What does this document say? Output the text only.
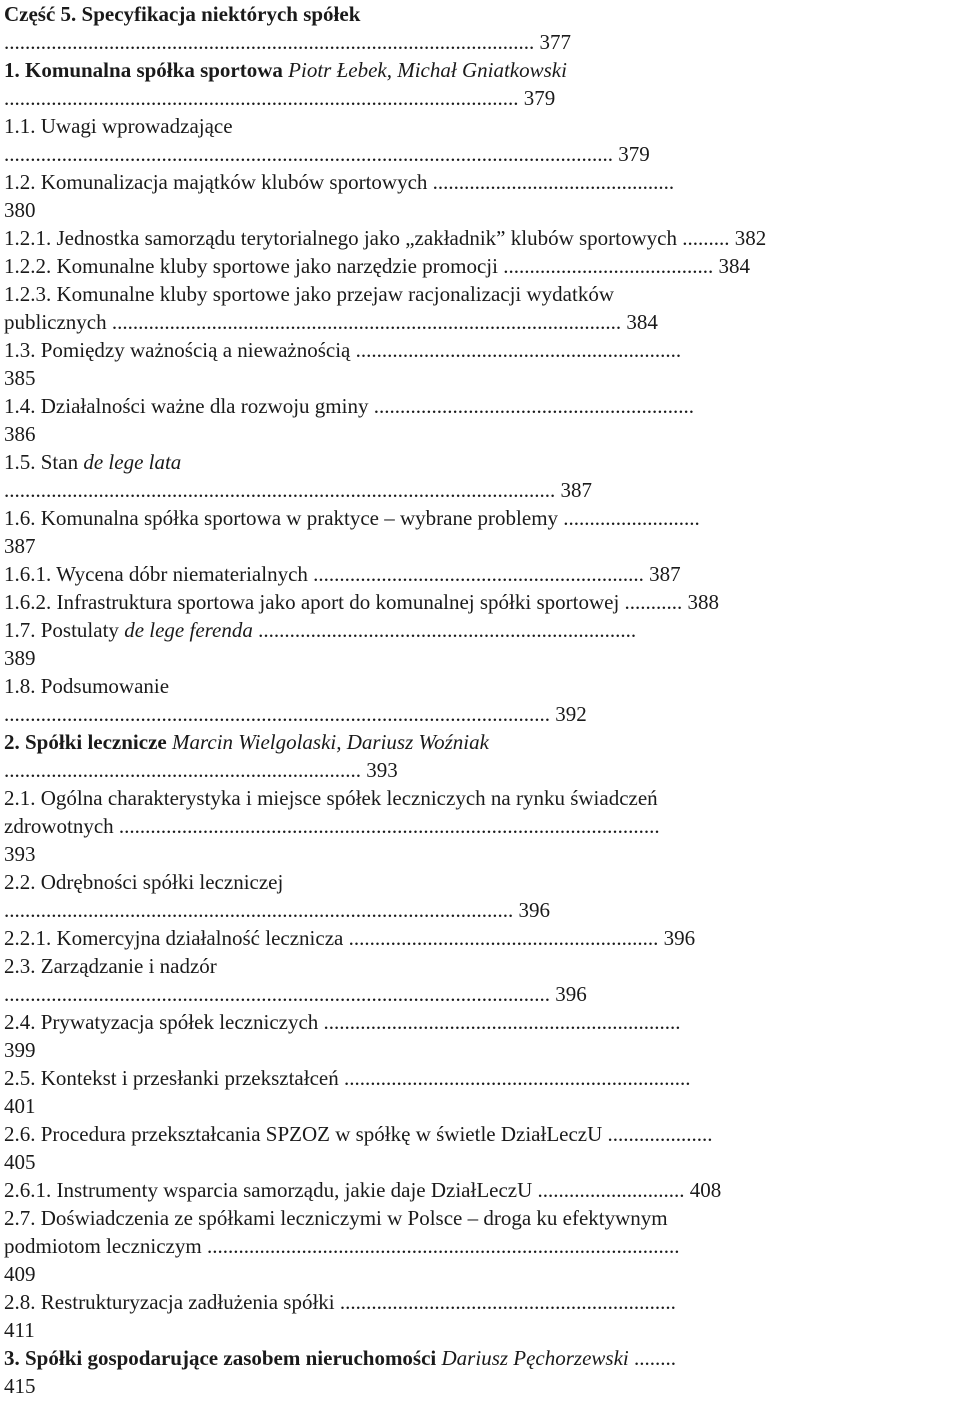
Część 5. Specyfikacja niektórych spółek
..................................................................................................... 377
1. Komunalna spółka sportowa Piotr Łebek, Michał Gniatkowski
.................................................................................................. 379
1.1. Uwagi wprowadzające
.................................................................................................................... 379
1.2. Komunalizacja majątków klubów sportowych ..............................................
380
1.2.1. Jednostka samorządu terytorialnego jako „zakładnik” klubów sportowych ......... 382
1.2.2. Komunalne kluby sportowe jako narzędzie promocji ........................................ 384
1.2.3. Komunalne kluby sportowe jako przejaw racjonalizacji wydatków
publicznych ................................................................................................. 384
1.3. Pomiędzy ważnością a nieważnością ..............................................................
385
1.4. Działalności ważne dla rozwoju gminy .............................................................
386
1.5. Stan de lege lata
......................................................................................................... 387
1.6. Komunalna spółka sportowa w praktyce – wybrane problemy ..........................
387
1.6.1. Wycena dóbr niematerialnych ............................................................... 387
1.6.2. Infrastruktura sportowa jako aport do komunalnej spółki sportowej ........... 388
1.7. Postulaty de lege ferenda ........................................................................
389
1.8. Podsumowanie
........................................................................................................ 392
2. Spółki lecznicze Marcin Wielgolaski, Dariusz Woźniak
.................................................................... 393
2.1. Ogólna charakterystyka i miejsce spółek leczniczych na rynku świadczeń
zdrowotnych .......................................................................................................
393
2.2. Odrębności spółki leczniczej
................................................................................................. 396
2.2.1. Komercyjna działalność lecznicza ........................................................... 396
2.3. Zarządzanie i nadzór
........................................................................................................ 396
2.4. Prywatyzacja spółek leczniczych ....................................................................
399
2.5. Kontekst i przesłanki przekształceń ..................................................................
401
2.6. Procedura przekształcania SPZOZ w spółkę w świetle DziałLeczU ....................
405
2.6.1. Instrumenty wsparcia samorządu, jakie daje DziałLeczU ............................ 408
2.7. Doświadczenia ze spółkami leczniczymi w Polsce – droga ku efektywnym
podmiotom leczniczym ..........................................................................................
409
2.8. Restrukturyzacja zadłużenia spółki ................................................................
411
3. Spółki gospodarujące zasobem nieruchomości Dariusz Pęchorzewski ........
415
